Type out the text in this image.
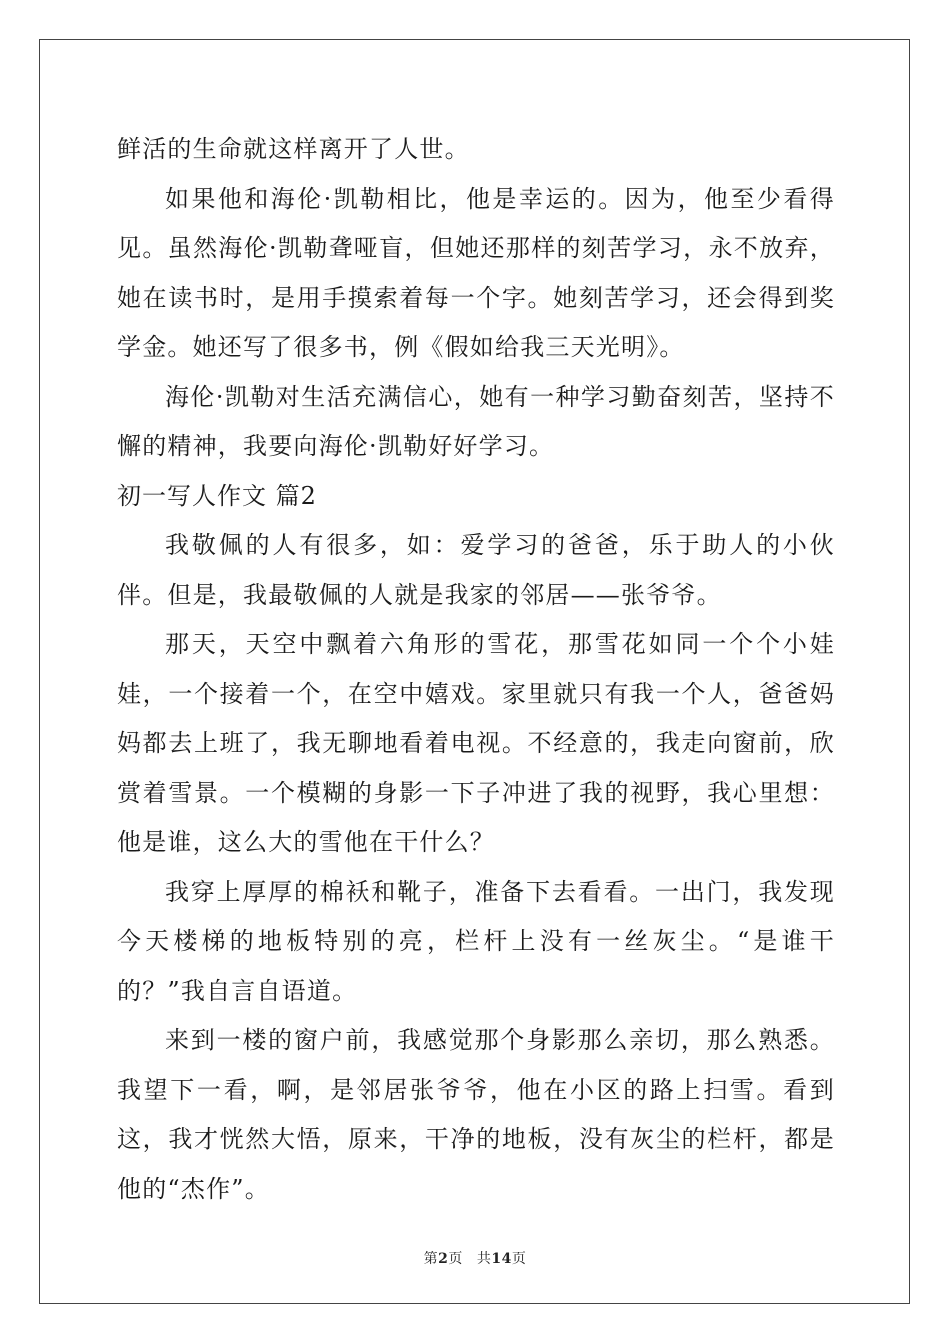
鲜活的生命就这样离开了人世。

如果他和海伦·凯勒相比，他是幸运的。因为，他至少看得见。虽然海伦·凯勒聋哑盲，但她还那样的刻苦学习，永不放弃，她在读书时，是用手摸索着每一个字。她刻苦学习，还会得到奖学金。她还写了很多书，例《假如给我三天光明》。

海伦·凯勒对生活充满信心，她有一种学习勤奋刻苦，坚持不懈的精神，我要向海伦·凯勒好好学习。

初一写人作文 篇2

我敬佩的人有很多，如：爱学习的爸爸，乐于助人的小伙伴。但是，我最敬佩的人就是我家的邻居——张爷爷。

那天，天空中飘着六角形的雪花，那雪花如同一个个小娃娃，一个接着一个，在空中嬉戏。家里就只有我一个人，爸爸妈妈都去上班了，我无聊地看着电视。不经意的，我走向窗前，欣赏着雪景。一个模糊的身影一下子冲进了我的视野，我心里想：他是谁，这么大的雪他在干什么？

我穿上厚厚的棉袄和靴子，准备下去看看。一出门，我发现今天楼梯的地板特别的亮，栏杆上没有一丝灰尘。“是谁干的？”我自言自语道。

来到一楼的窗户前，我感觉那个身影那么亲切，那么熟悉。我望下一看，啊，是邻居张爷爷，他在小区的路上扫雪。看到这，我才恍然大悟，原来，干净的地板，没有灰尘的栏杆，都是他的“杰作”。

第2页 共14页
